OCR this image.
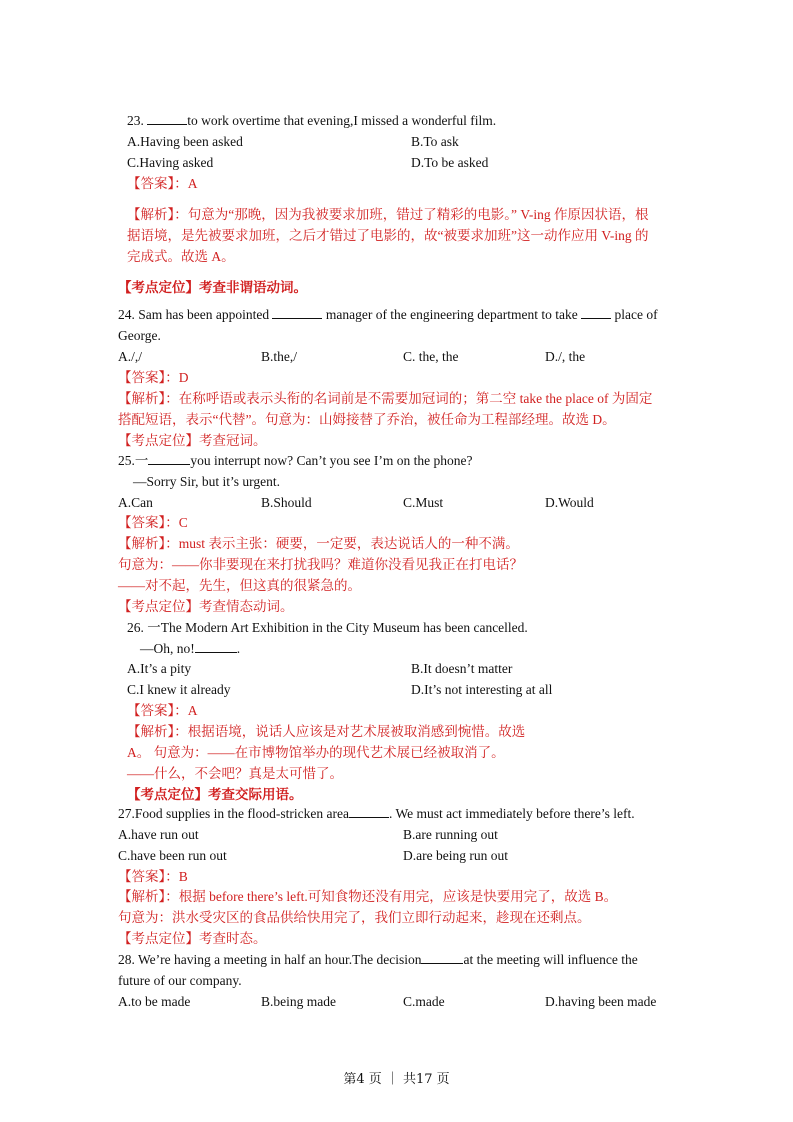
23.	to work overtime that evening,I missed a wonderful film.
A.Having been asked	B.To ask
C.Having asked	D.To be asked
【答案】：A
【解析】：句意为“那晚，因为我被要求加班，错过了精彩的电影。” V-ing 作原因状语，根
据语境，是先被要求加班，之后才错过了电影的，故“被要求加班”这一动作应用 V-ing 的
完成式。故选 A。
【考点定位】考查非谓语动词。
24. Sam has been appointed	manager of the engineering department to take  place of
George.
A./,/	B.the,/	C. the, the	D./, the
【答案】：D
【解析】：在称呼语或表示头衔的名词前是不需要加冠词的；第二空 take the place of 为固定
搭配短语，表示“代替”。句意为：山姆接替了乔治，被任命为工程部经理。故选 D。
【考点定位】考查冠词。
25.一	you interrupt now? Can’t you see I’m on the phone?
—Sorry Sir, but it’s urgent.
A.Can	B.Should	C.Must	D.Would
【答案】：C
【解析】：must 表示主张：硬要，一定要，表达说话人的一种不满。
句意为：——你非要现在来打扰我吗？难道你没看见我正在打电话？
——对不起，先生，但这真的很紧急的。
【考点定位】考查情态动词。
26. 一The Modern Art Exhibition in the City Museum has been cancelled.
—Oh, no!	.
A.It’s a pity	B.It doesn’t matter
C.I knew it already	D.It’s not interesting at all
【答案】：A
【解析】：根据语境，说话人应该是对艺术展被取消感到惋惜。故选
A。 句意为：——在市博物馆举办的现代艺术展已经被取消了。
——什么，不会吧？真是太可惜了。
【考点定位】考查交际用语。
27.Food supplies in the flood-stricken area	. We must act immediately before there’s left.
A.have run out	B.are running out
C.have been run out	D.are being run out
【答案】：B
【解析】：根据 before there’s left.可知食物还没有用完，应该是快要用完了，故选 B。
句意为：洪水受灾区的食品供给快用完了，我们立即行动起来，趁现在还剩点。
【考点定位】考查时态。
28. We’re having a meeting in half an hour.The decision	at the meeting will influence the
future of our company.
A.to be made	B.being made	C.made	D.having been made
第4 页 ｜ 共17 页
